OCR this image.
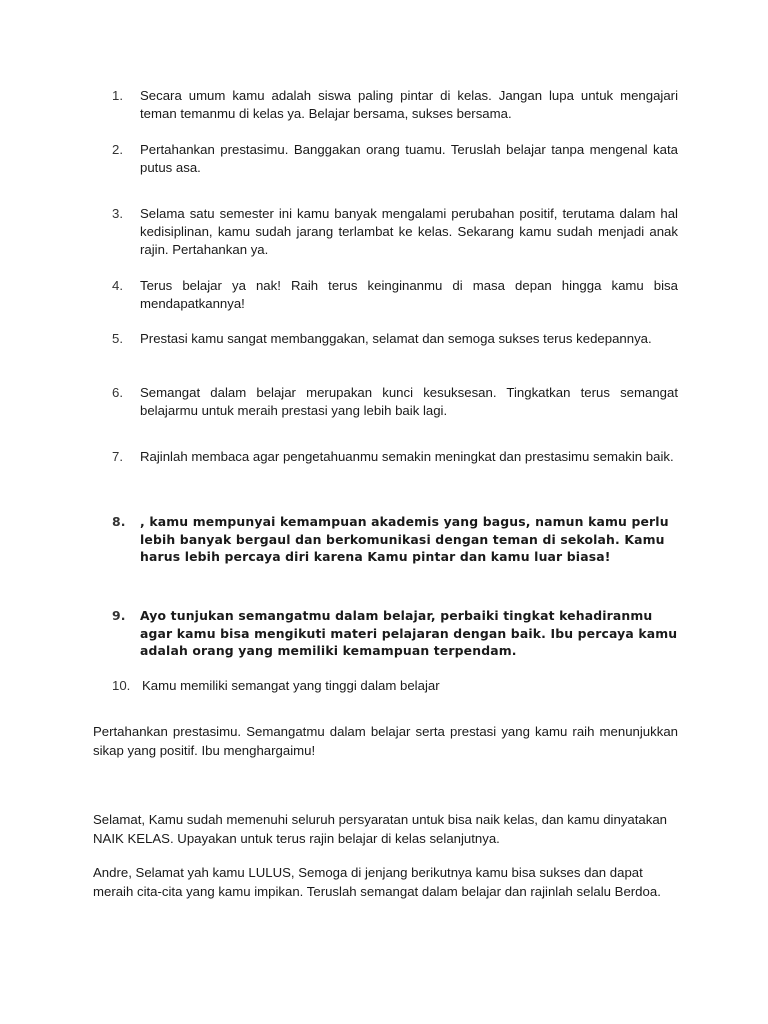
1.	Secara umum kamu adalah siswa paling pintar di kelas. Jangan lupa untuk mengajari teman temanmu di kelas ya. Belajar bersama, sukses bersama.
2.	Pertahankan prestasimu. Banggakan orang tuamu. Teruslah belajar tanpa mengenal kata putus asa.
3.	Selama satu semester ini kamu banyak mengalami perubahan positif, terutama dalam hal kedisiplinan, kamu sudah jarang terlambat ke kelas. Sekarang kamu sudah menjadi anak rajin. Pertahankan ya.
4.	Terus belajar ya nak! Raih terus keinginanmu di masa depan hingga kamu bisa mendapatkannya!
5.	Prestasi kamu sangat membanggakan, selamat dan semoga sukses terus kedepannya.
6.	Semangat dalam belajar merupakan kunci kesuksesan. Tingkatkan terus semangat belajarmu untuk meraih prestasi yang lebih baik lagi.
7.	Rajinlah membaca agar pengetahuanmu semakin meningkat dan prestasimu semakin baik.
8.	, kamu mempunyai kemampuan akademis yang bagus, namun kamu perlu lebih banyak bergaul dan berkomunikasi dengan teman di sekolah. Kamu harus lebih percaya diri karena Kamu pintar dan kamu luar biasa!
9.	Ayo tunjukan semangatmu dalam belajar, perbaiki tingkat kehadiranmu agar kamu bisa mengikuti materi pelajaran dengan baik. Ibu percaya kamu adalah orang yang memiliki kemampuan terpendam.
10. Kamu memiliki semangat yang tinggi dalam belajar
Pertahankan prestasimu. Semangatmu dalam belajar serta prestasi yang kamu raih menunjukkan sikap yang positif. Ibu menghargaimu!
Selamat, Kamu sudah memenuhi seluruh persyaratan untuk bisa naik kelas, dan kamu dinyatakan NAIK KELAS. Upayakan untuk terus rajin belajar di kelas selanjutnya.
Andre, Selamat yah kamu LULUS, Semoga di jenjang berikutnya kamu bisa sukses dan dapat meraih cita-cita yang kamu impikan. Teruslah semangat dalam belajar dan rajinlah selalu Berdoa.
